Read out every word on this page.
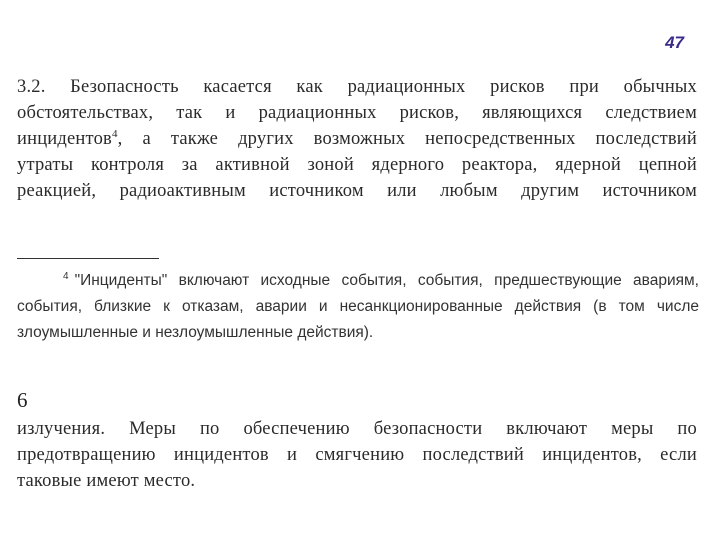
47
3.2. Безопасность касается как радиационных рисков при обычных
обстоятельствах, так и радиационных рисков, являющихся следствием
инцидентов$^4$, а также других возможных непосредственных последствий
утраты контроля за активной зоной ядерного реактора, ядерной цепной
реакцией, радиоактивным источником или любым другим источником
$^4$ "Инциденты" включают исходные события, события, предшествующие авариям,
события, близкие к отказам, аварии и несанкционированные действия (в том числе
злоумышленные и незлоумышленные действия).
6
излучения. Меры по обеспечению безопасности включают меры по
предотвращению инцидентов и смягчению последствий инцидентов, если
таковые имеют место.
